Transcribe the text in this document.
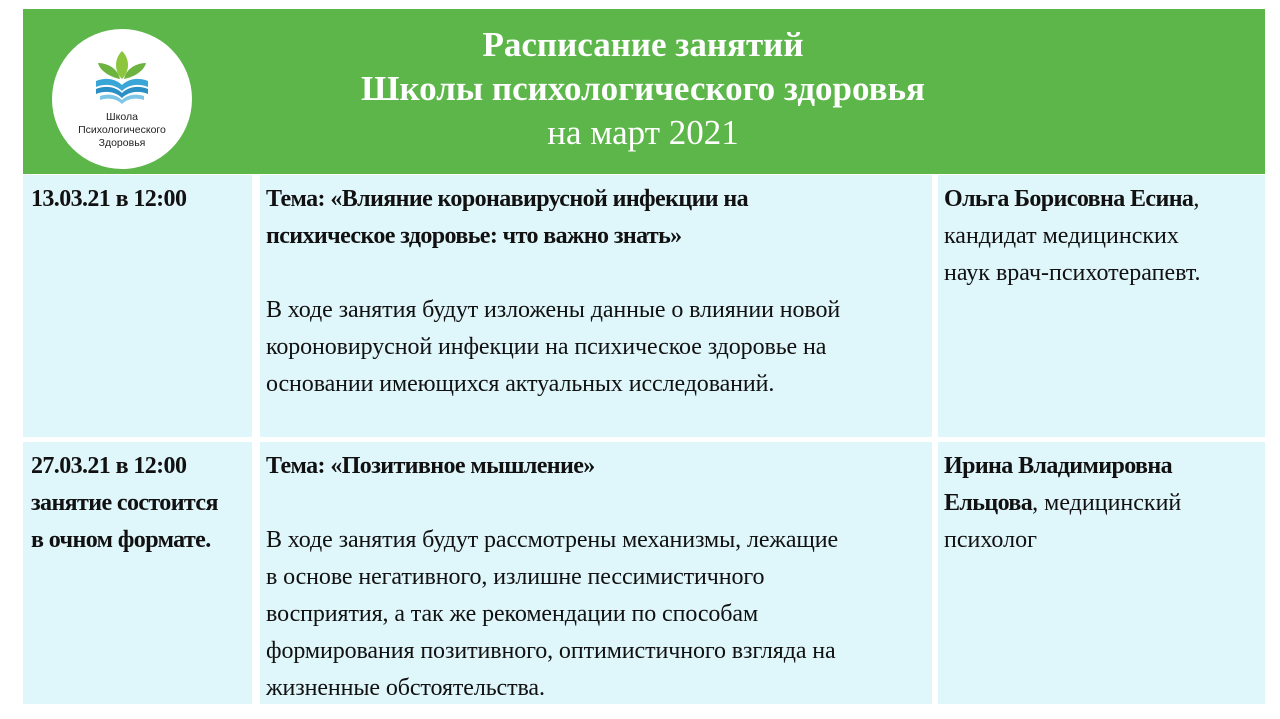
Школа
Психологического
Здоровья
Расписание занятий
Школы психологического здоровья
на март 2021
13.03.21 в 12:00	Тема: «Влияние коронавирусной инфекции на
психическое здоровье: что важно знать»
В ходе занятия будут изложены данные о влиянии новой
короновирусной инфекции на психическое здоровье на
основании имеющихся актуальных исследований.
Ольга Борисовна Есина,
кандидат медицинских
наук врач-психотерапевт.
27.03.21 в 12:00
занятие состоится
в очном формате.
Тема: «Позитивное мышление»
В ходе занятия будут рассмотрены механизмы, лежащие
в основе негативного, излишне пессимистичного
восприятия, а так же рекомендации по способам
формирования позитивного, оптимистичного взгляда на
жизненные обстоятельства.
Ирина Владимировна
Ельцова, медицинский
психолог
